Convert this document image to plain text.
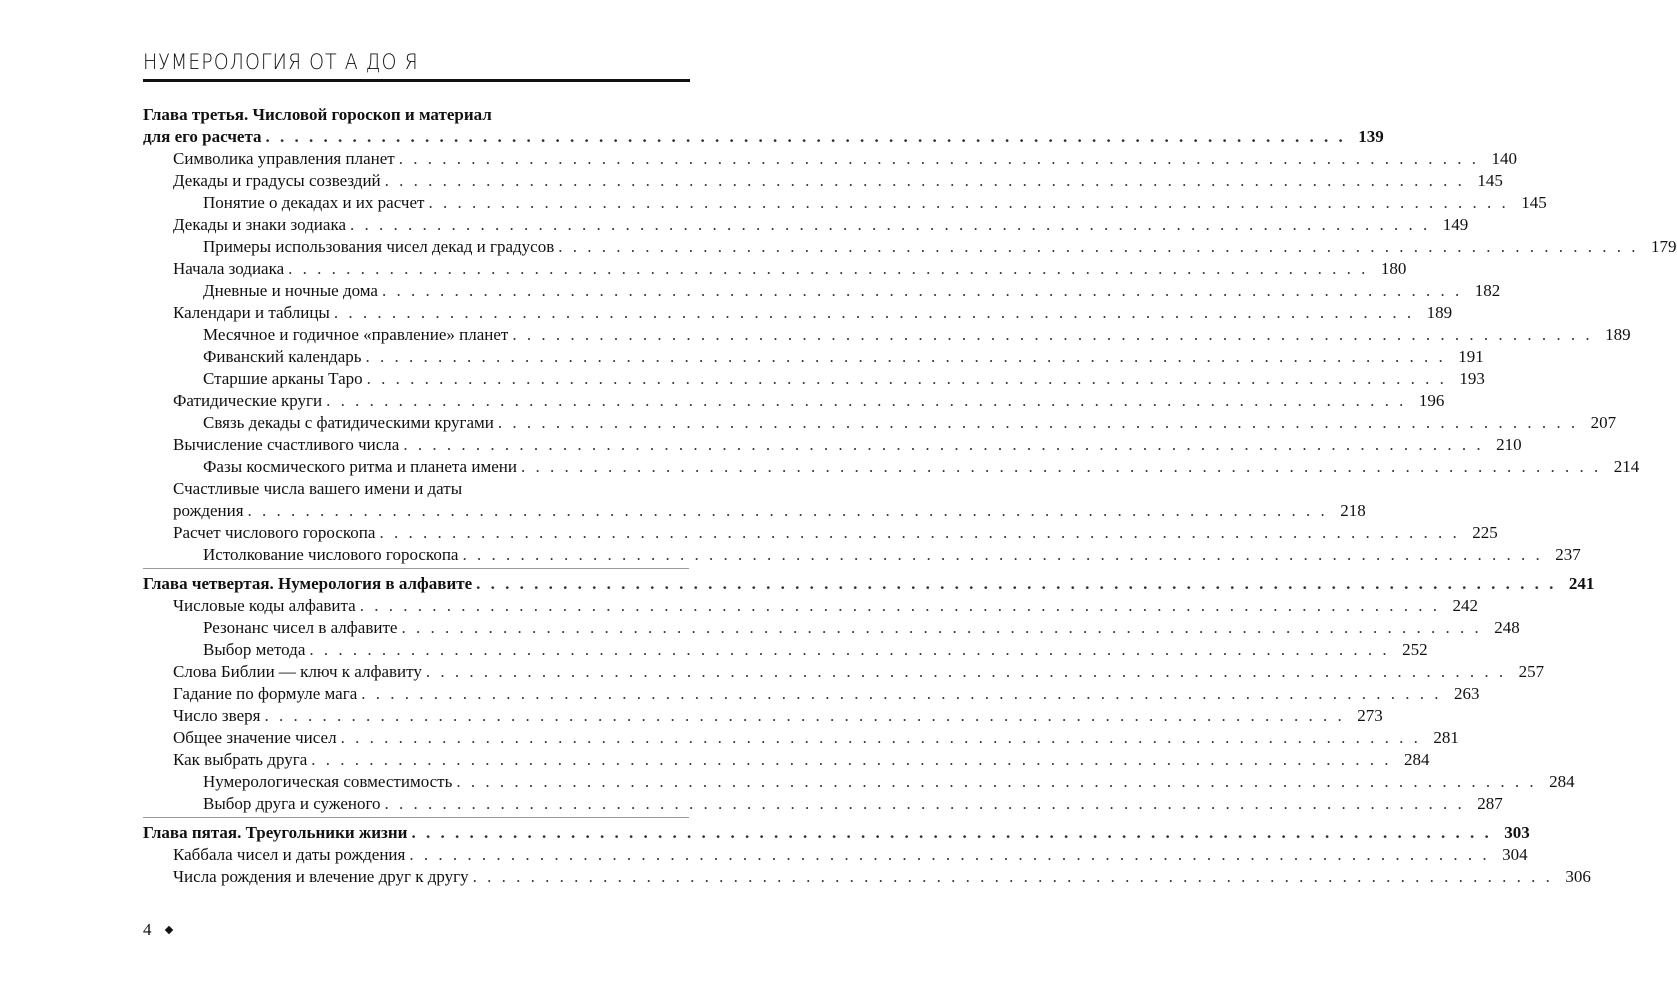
НУМЕРОЛОГИЯ ОТ А ДО Я
Глава третья. Числовой гороскоп и материал
для его расчета . . .	139
Символика управления планет . . .	140
Декады и градусы созвездий . . .	145
Понятие о декадах и их расчет . . .	145
Декады и знаки зодиака . . .	149
Примеры использования чисел декад и градусов . . .	179
Начала зодиака . . .	180
Дневные и ночные дома . . .	182
Календари и таблицы . . .	189
Месячное и годичное «правление» планет . . .	189
Фиванский календарь . . .	191
Старшие арканы Таро . . .	193
Фатидические круги . . .	196
Связь декады с фатидическими кругами . . .	207
Вычисление счастливого числа . . .	210
Фазы космического ритма и планета имени . . .	214
Счастливые числа вашего имени и даты
рождения . . .	218
Расчет числового гороскопа . . .	225
Истолкование числового гороскопа . . .	237
Глава четвертая. Нумерология в алфавите . . .	241
Числовые коды алфавита . . .	242
Резонанс чисел в алфавите . . .	248
Выбор метода . . .	252
Слова Библии — ключ к алфавиту . . .	257
Гадание по формуле мага . . .	263
Число зверя . . .	273
Общее значение чисел . . .	281
Как выбрать друга . . .	284
Нумерологическая совместимость . . .	284
Выбор друга и суженого . . .	287
Глава пятая. Треугольники жизни . . .	303
Каббала чисел и даты рождения . . .	304
Числа рождения и влечение друг к другу . . .	306
4
